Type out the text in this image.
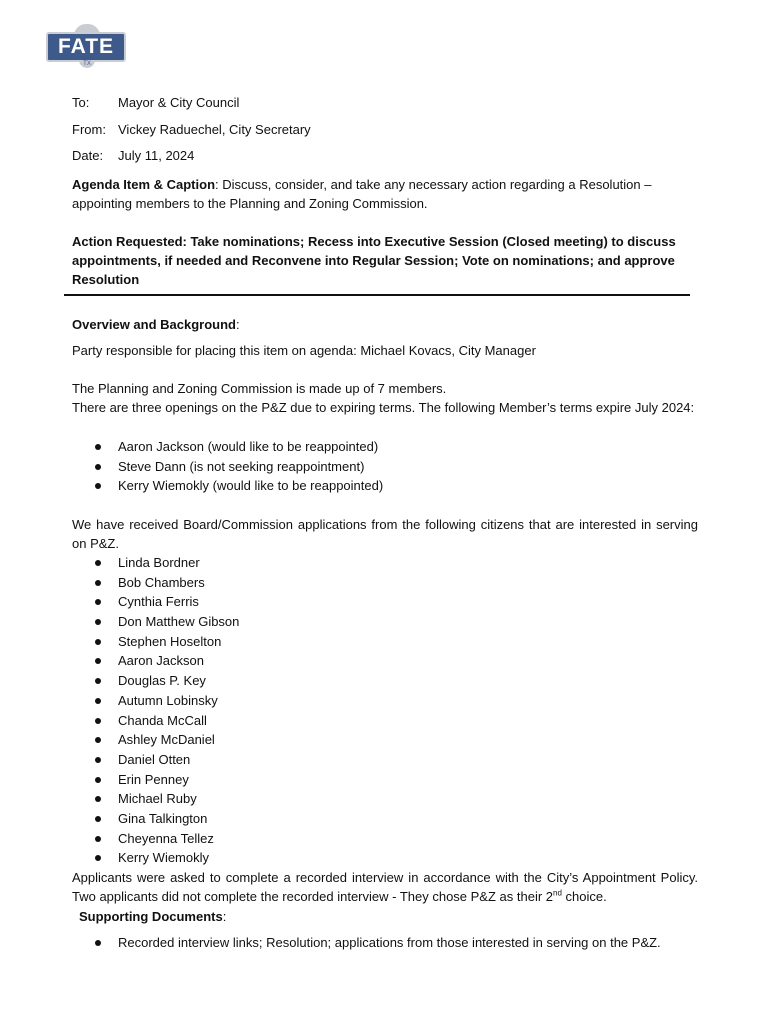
FATE
TX
To: Mayor & City Council
From: Vickey Raduechel, City Secretary
Date: July 11, 2024
Agenda Item & Caption: Discuss, consider, and take any necessary action regarding a Resolution – appointing members to the Planning and Zoning Commission.
Action Requested: Take nominations; Recess into Executive Session (Closed meeting) to discuss appointments, if needed and Reconvene into Regular Session; Vote on nominations; and approve Resolution
Overview and Background:
Party responsible for placing this item on agenda: Michael Kovacs, City Manager
The Planning and Zoning Commission is made up of 7 members.
There are three openings on the P&Z due to expiring terms. The following Member’s terms expire July 2024:
Aaron Jackson (would like to be reappointed)
Steve Dann (is not seeking reappointment)
Kerry Wiemokly (would like to be reappointed)
We have received Board/Commission applications from the following citizens that are interested in serving on P&Z.
Linda Bordner
Bob Chambers
Cynthia Ferris
Don Matthew Gibson
Stephen Hoselton
Aaron Jackson
Douglas P. Key
Autumn Lobinsky
Chanda McCall
Ashley McDaniel
Daniel Otten
Erin Penney
Michael Ruby
Gina Talkington
Cheyenna Tellez
Kerry Wiemokly
Applicants were asked to complete a recorded interview in accordance with the City’s Appointment Policy. Two applicants did not complete the recorded interview - They chose P&Z as their 2nd choice.
Supporting Documents:
Recorded interview links; Resolution; applications from those interested in serving on the P&Z.
